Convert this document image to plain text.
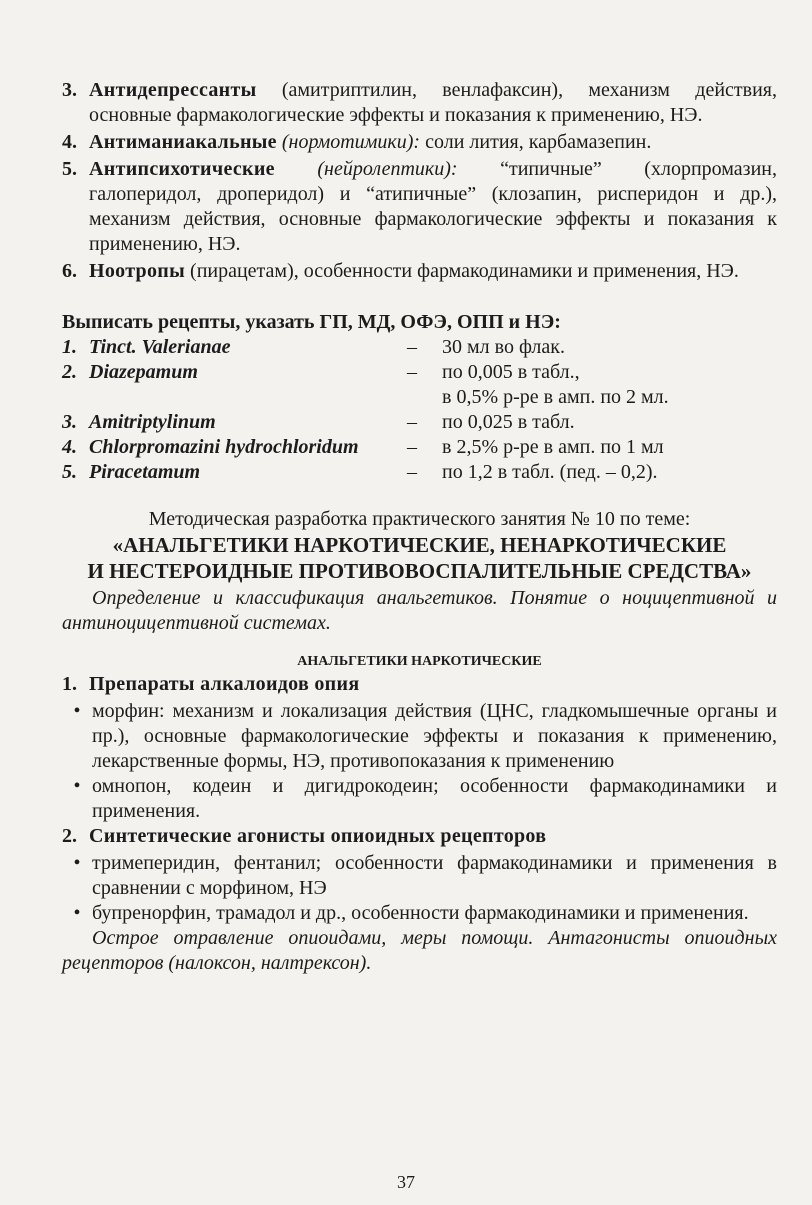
3. Антидепрессанты (амитриптилин, венлафаксин), механизм действия, основные фармакологические эффекты и показания к применению, НЭ.
4. Антиманиакальные (нормотимики): соли лития, карбамазепин.
5. Антипсихотические (нейролептики): “типичные” (хлорпромазин, галоперидол, дроперидол) и “атипичные” (клозапин, рисперидон и др.), механизм действия, основные фармакологические эффекты и показания к применению, НЭ.
6. Ноотропы (пирацетам), особенности фармакодинамики и применения, НЭ.
Выписать рецепты, указать ГП, МД, ОФЭ, ОПП и НЭ:
1. Tinct. Valerianae	–	30 мл во флак.
2. Diazepamum	–	по 0,005 в табл.,
в 0,5% р-ре в амп. по 2 мл.
3. Amitriptylinum	–	по 0,025 в табл.
4. Chlorpromazini hydrochloridum	–	в 2,5% р-ре в амп. по 1 мл
5. Piracetamum	–	по 1,2 в табл. (пед. – 0,2).
Методическая разработка практического занятия № 10 по теме:
«АНАЛЬГЕТИКИ НАРКОТИЧЕСКИЕ, НЕНАРКОТИЧЕСКИЕ
И НЕСТЕРОИДНЫЕ ПРОТИВОВОСПАЛИТЕЛЬНЫЕ СРЕДСТВА»
Определение и классификация анальгетиков. Понятие о ноцицептивной и антиноцицептивной системах.
АНАЛЬГЕТИКИ НАРКОТИЧЕСКИЕ
1. Препараты алкалоидов опия
• морфин: механизм и локализация действия (ЦНС, гладкомышечные органы и пр.), основные фармакологические эффекты и показания к применению, лекарственные формы, НЭ, противопоказания к применению
• омнопон, кодеин и дигидрокодеин; особенности фармакодинамики и применения.
2. Синтетические агонисты опиоидных рецепторов
• тримеперидин, фентанил; особенности фармакодинамики и применения в сравнении с морфином, НЭ
• бупренорфин, трамадол и др., особенности фармакодинамики и применения.
Острое отравление опиоидами, меры помощи. Антагонисты опиоидных рецепторов (налоксон, налтрексон).
37
